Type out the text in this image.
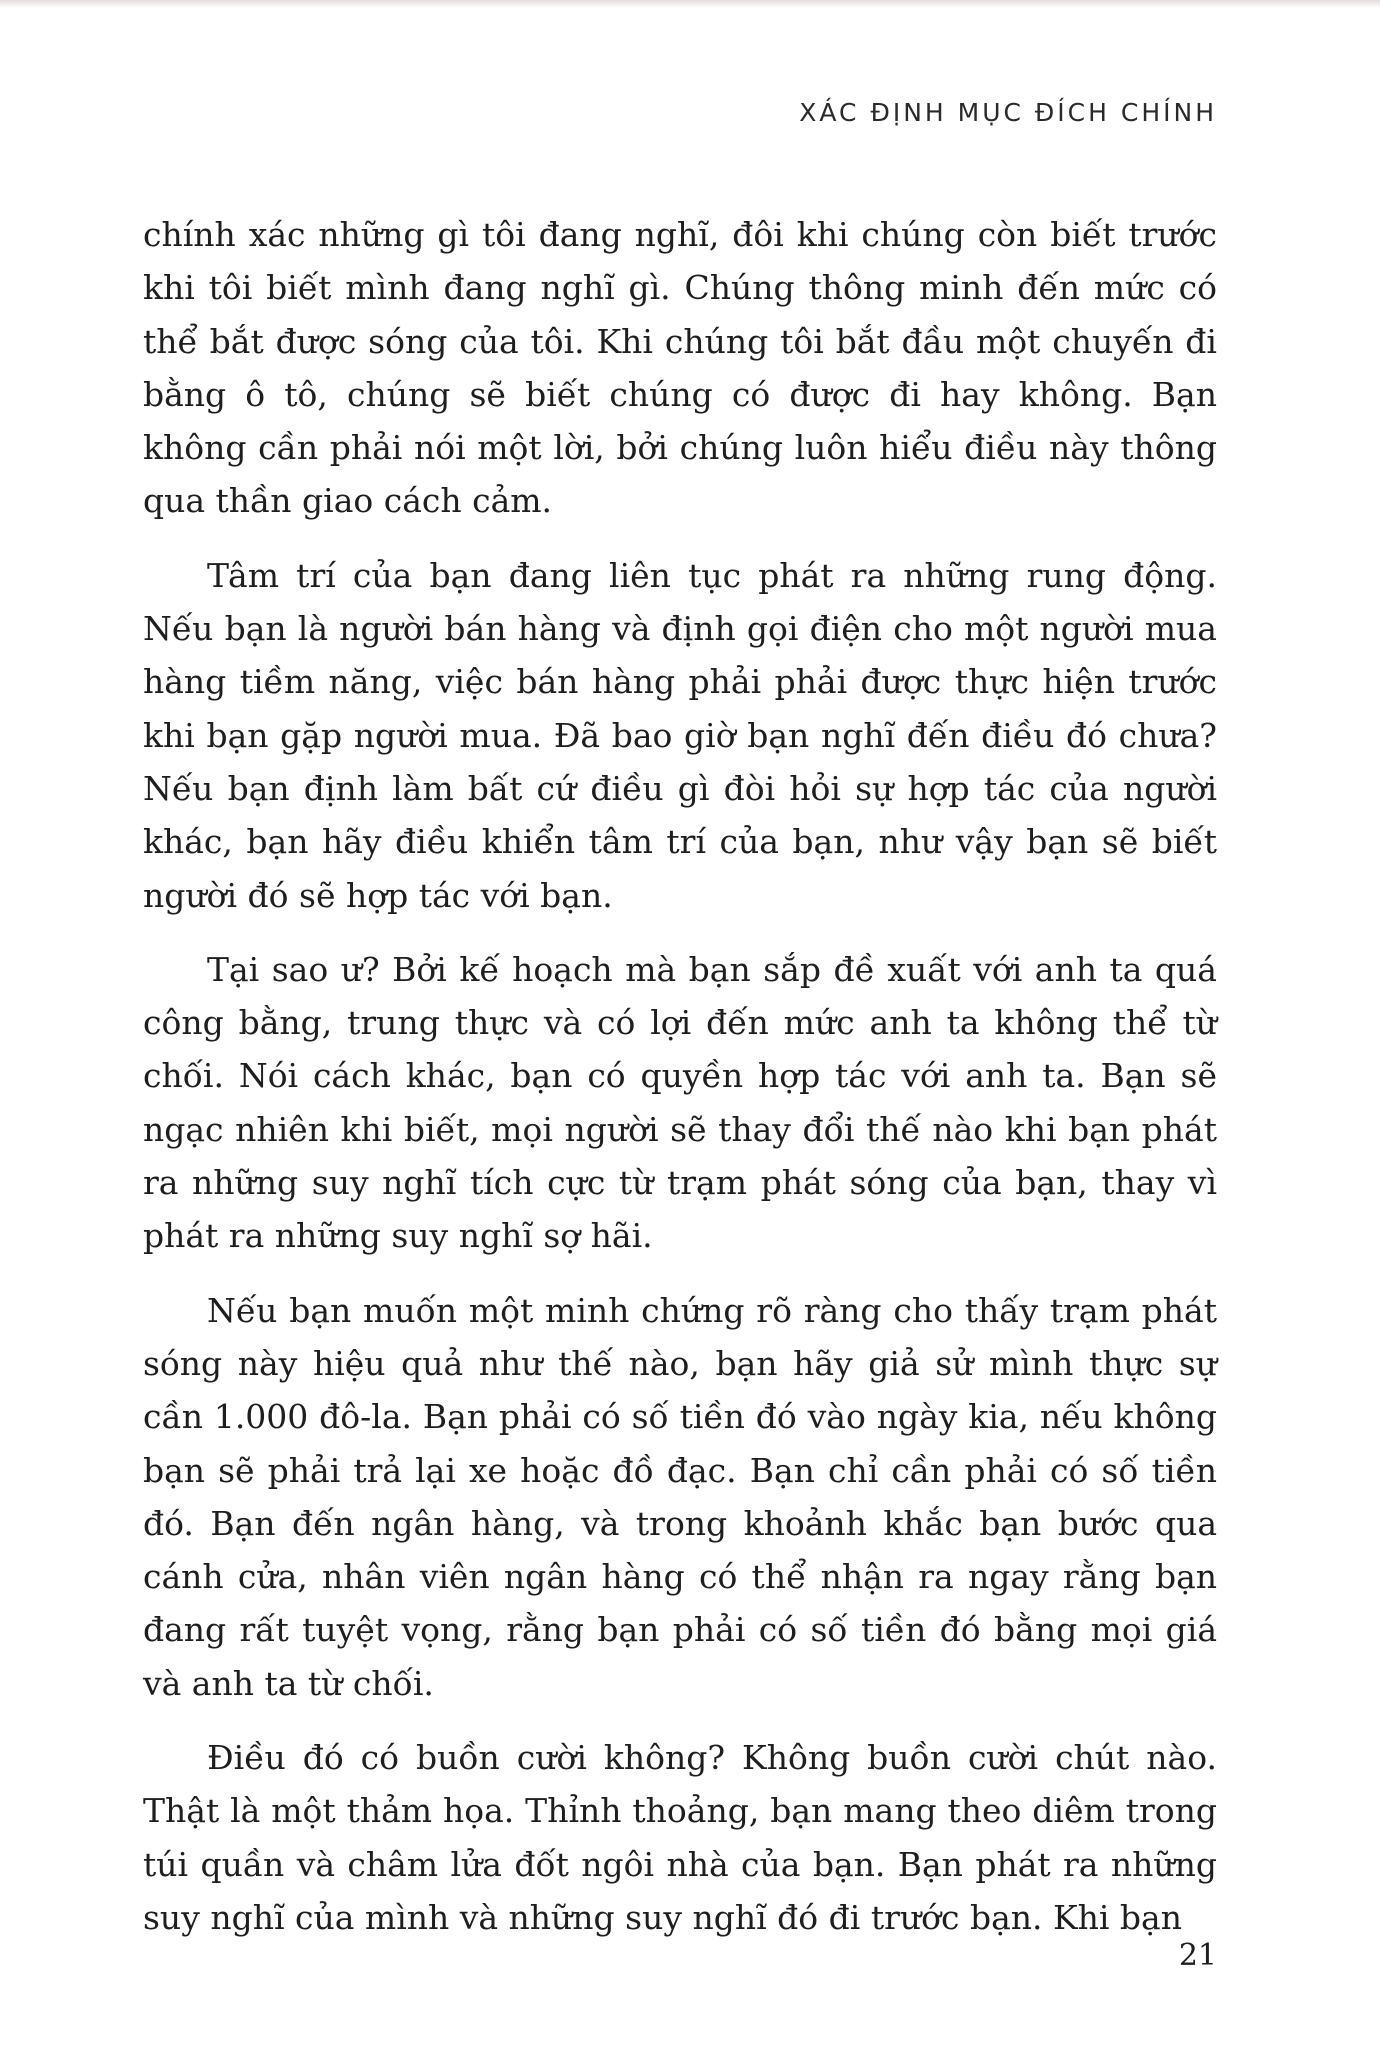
XÁC ĐỊNH MỤC ĐÍCH CHÍNH

chính xác những gì tôi đang nghĩ, đôi khi chúng còn biết trước khi tôi biết mình đang nghĩ gì. Chúng thông minh đến mức có thể bắt được sóng của tôi. Khi chúng tôi bắt đầu một chuyến đi bằng ô tô, chúng sẽ biết chúng có được đi hay không. Bạn không cần phải nói một lời, bởi chúng luôn hiểu điều này thông qua thần giao cách cảm.

Tâm trí của bạn đang liên tục phát ra những rung động. Nếu bạn là người bán hàng và định gọi điện cho một người mua hàng tiềm năng, việc bán hàng phải phải được thực hiện trước khi bạn gặp người mua. Đã bao giờ bạn nghĩ đến điều đó chưa? Nếu bạn định làm bất cứ điều gì đòi hỏi sự hợp tác của người khác, bạn hãy điều khiển tâm trí của bạn, như vậy bạn sẽ biết người đó sẽ hợp tác với bạn.

Tại sao ư? Bởi kế hoạch mà bạn sắp đề xuất với anh ta quá công bằng, trung thực và có lợi đến mức anh ta không thể từ chối. Nói cách khác, bạn có quyền hợp tác với anh ta. Bạn sẽ ngạc nhiên khi biết, mọi người sẽ thay đổi thế nào khi bạn phát ra những suy nghĩ tích cực từ trạm phát sóng của bạn, thay vì phát ra những suy nghĩ sợ hãi.

Nếu bạn muốn một minh chứng rõ ràng cho thấy trạm phát sóng này hiệu quả như thế nào, bạn hãy giả sử mình thực sự cần 1.000 đô-la. Bạn phải có số tiền đó vào ngày kia, nếu không bạn sẽ phải trả lại xe hoặc đồ đạc. Bạn chỉ cần phải có số tiền đó. Bạn đến ngân hàng, và trong khoảnh khắc bạn bước qua cánh cửa, nhân viên ngân hàng có thể nhận ra ngay rằng bạn đang rất tuyệt vọng, rằng bạn phải có số tiền đó bằng mọi giá và anh ta từ chối.

Điều đó có buồn cười không? Không buồn cười chút nào. Thật là một thảm họa. Thỉnh thoảng, bạn mang theo diêm trong túi quần và châm lửa đốt ngôi nhà của bạn. Bạn phát ra những suy nghĩ của mình và những suy nghĩ đó đi trước bạn. Khi bạn

21
